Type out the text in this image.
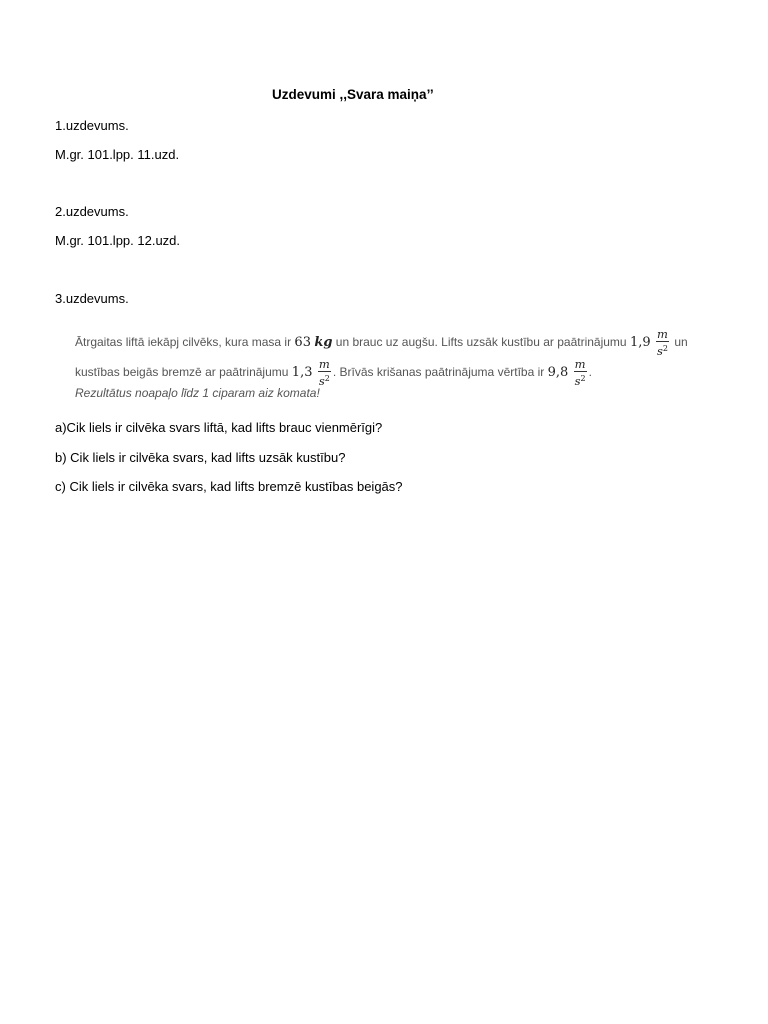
Uzdevumi ,,Svara maiņa’’
1.uzdevums.
M.gr. 101.lpp. 11.uzd.
2.uzdevums.
M.gr. 101.lpp. 12.uzd.
3.uzdevums.
Ātrgaitas liftā iekāpj cilvēks, kura masa ir 63 kg un brauc uz augšu. Lifts uzsāk kustību ar paātrinājumu $1,9 \frac{m}{s^2}$ un
kustības beigās bremzē ar paātrinājumu $1,3 \frac{m}{s^2}$ . Brīvās krišanas paātrinājuma vērtība ir $9,8 \frac{m}{s^2}$ .
Rezultātus noapaļo līdz 1 ciparam aiz komata!
a)Cik liels ir cilvēka svars liftā, kad lifts brauc vienmērīgi?
b) Cik liels ir cilvēka svars, kad lifts uzsāk kustību?
c) Cik liels ir cilvēka svars, kad lifts bremzē kustības beigās?
